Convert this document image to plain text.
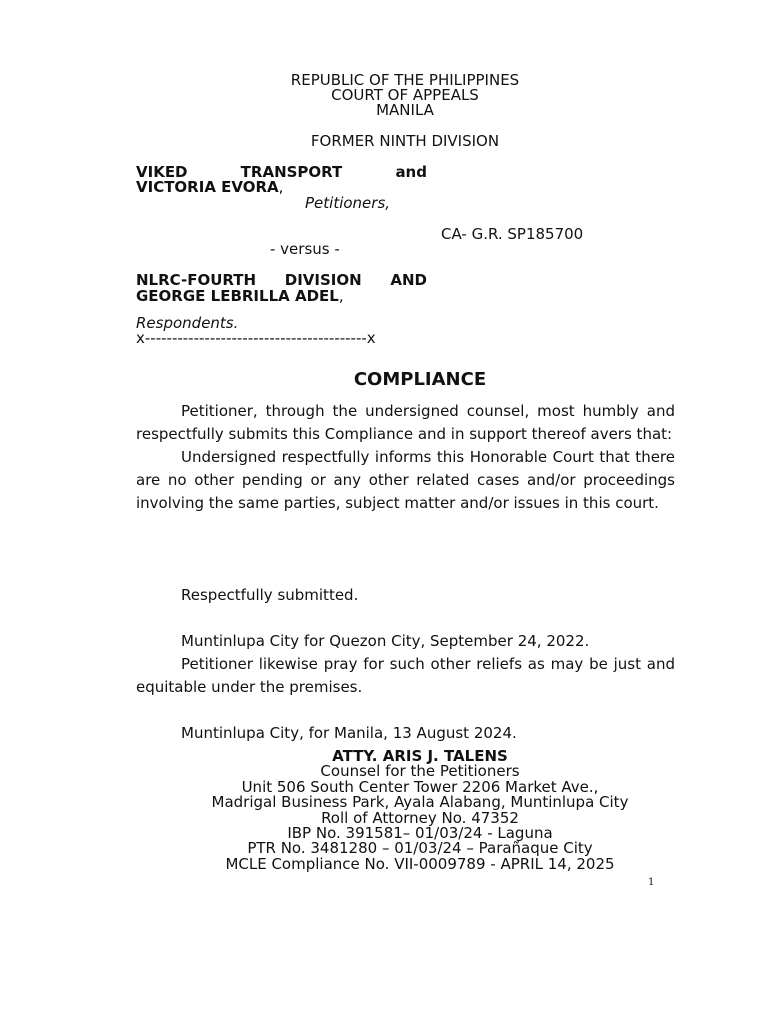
REPUBLIC OF THE PHILIPPINES
COURT OF APPEALS
MANILA
FORMER NINTH DIVISION
VIKED	TRANSPORT	and
VICTORIA EVORA,
Petitioners,
CA- G.R. SP185700
- versus -
NLRC-FOURTH DIVISION AND
GEORGE LEBRILLA ADEL,
Respondents.
x-----------------------------------------x
COMPLIANCE

Petitioner, through the undersigned counsel, most humbly and respectfully submits this Compliance and in support thereof avers that:

Undersigned respectfully informs this Honorable Court that there are no other pending or any other related cases and/or proceedings involving the same parties, subject matter and/or issues in this court.

Respectfully submitted.

Muntinlupa City for Quezon City, September 24, 2022.

Petitioner likewise pray for such other reliefs as may be just and equitable under the premises.

Muntinlupa City, for Manila, 13 August 2024.

ATTY. ARIS J. TALENS
Counsel for the Petitioners
Unit 506 South Center Tower 2206 Market Ave.,
Madrigal Business Park, Ayala Alabang, Muntinlupa City
Roll of Attorney No. 47352
IBP No. 391581– 01/03/24 - Laguna
PTR No. 3481280 – 01/03/24 – Parañaque City
MCLE Compliance No. VII-0009789 - APRIL 14, 2025
1
